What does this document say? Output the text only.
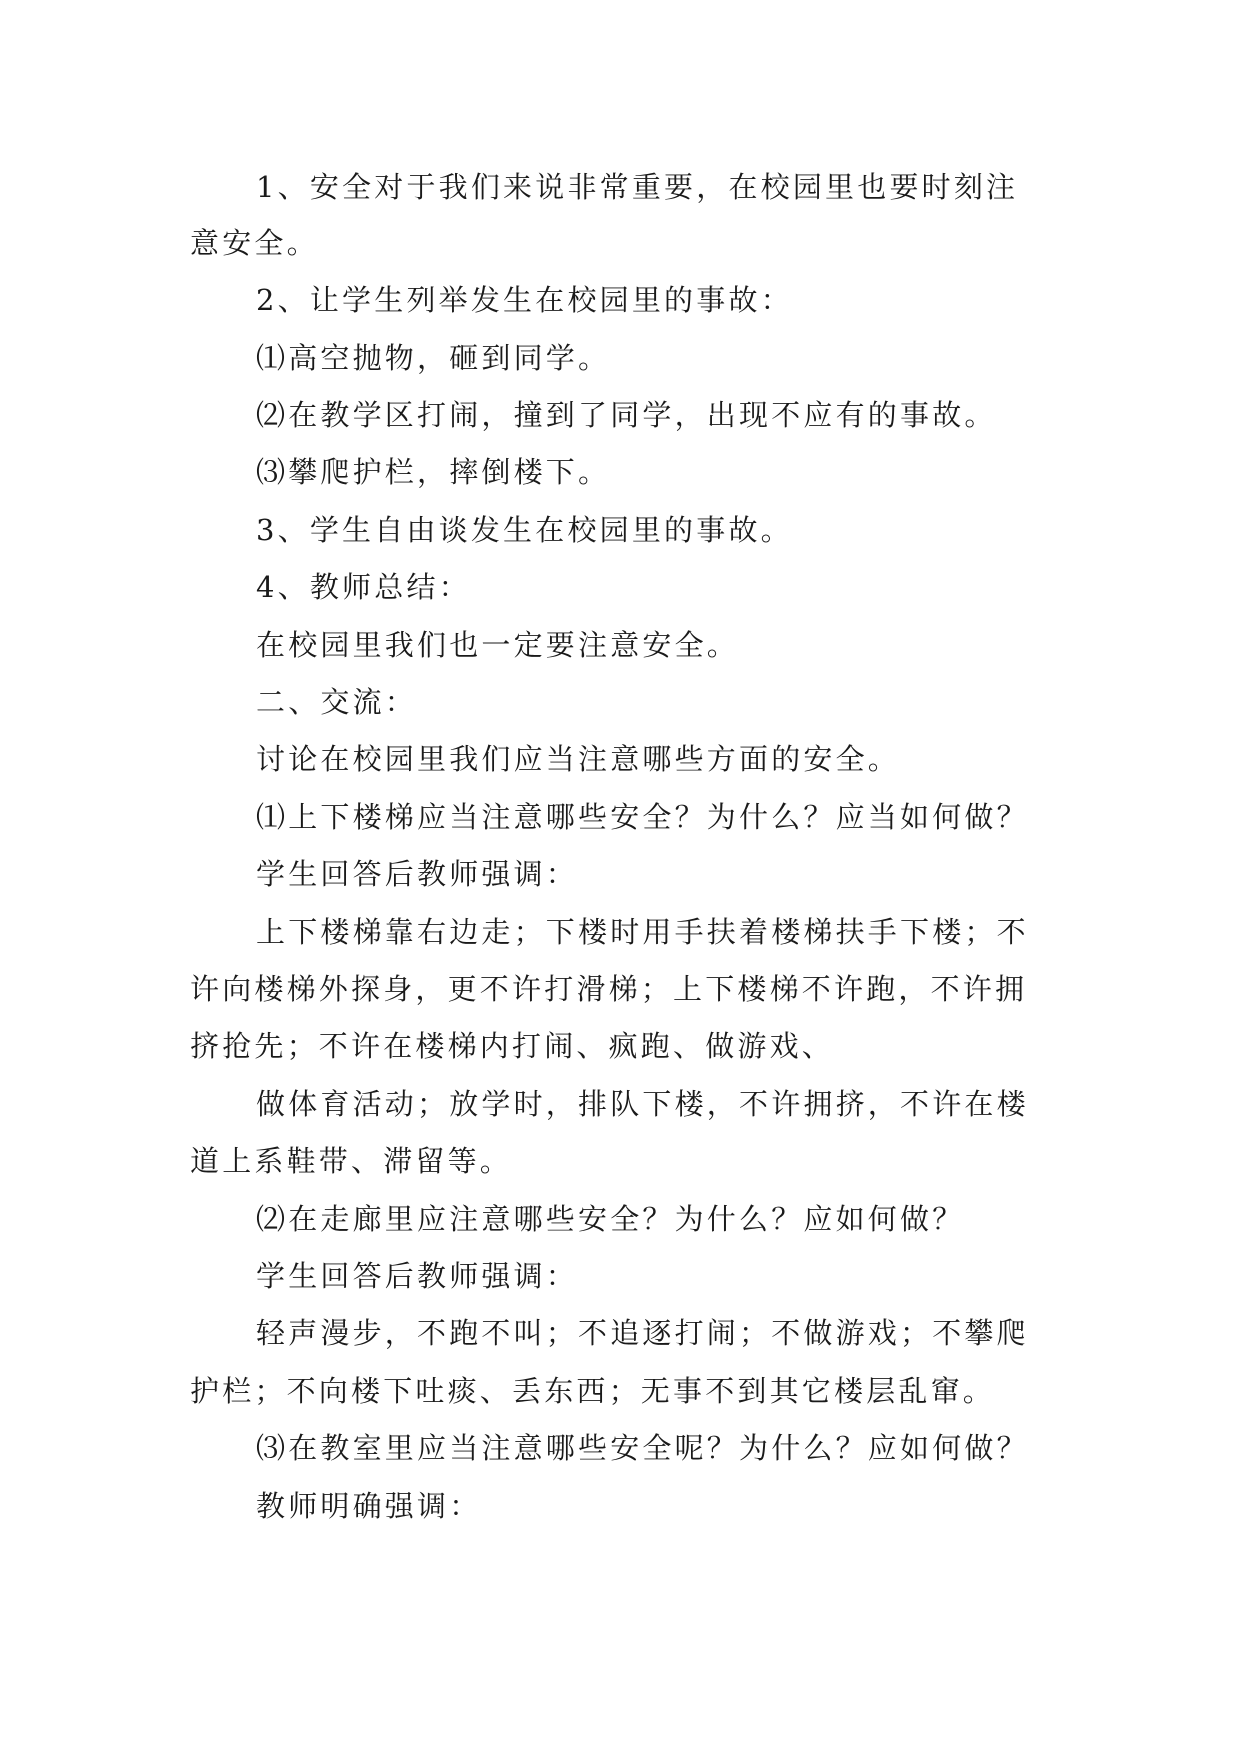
1、安全对于我们来说非常重要，在校园里也要时刻注
意安全。
2、让学生列举发生在校园里的事故：
⑴高空抛物，砸到同学。
⑵在教学区打闹，撞到了同学，出现不应有的事故。
⑶攀爬护栏，摔倒楼下。
3、学生自由谈发生在校园里的事故。
4、教师总结：
在校园里我们也一定要注意安全。
二、交流：
讨论在校园里我们应当注意哪些方面的安全。
⑴上下楼梯应当注意哪些安全？为什么？应当如何做？
学生回答后教师强调：
上下楼梯靠右边走；下楼时用手扶着楼梯扶手下楼；不
许向楼梯外探身，更不许打滑梯；上下楼梯不许跑，不许拥
挤抢先；不许在楼梯内打闹、疯跑、做游戏、
做体育活动；放学时，排队下楼，不许拥挤，不许在楼
道上系鞋带、滞留等。
⑵在走廊里应注意哪些安全？为什么？应如何做？
学生回答后教师强调：
轻声漫步，不跑不叫；不追逐打闹；不做游戏；不攀爬
护栏；不向楼下吐痰、丢东西；无事不到其它楼层乱窜。
⑶在教室里应当注意哪些安全呢？为什么？应如何做？
教师明确强调：
